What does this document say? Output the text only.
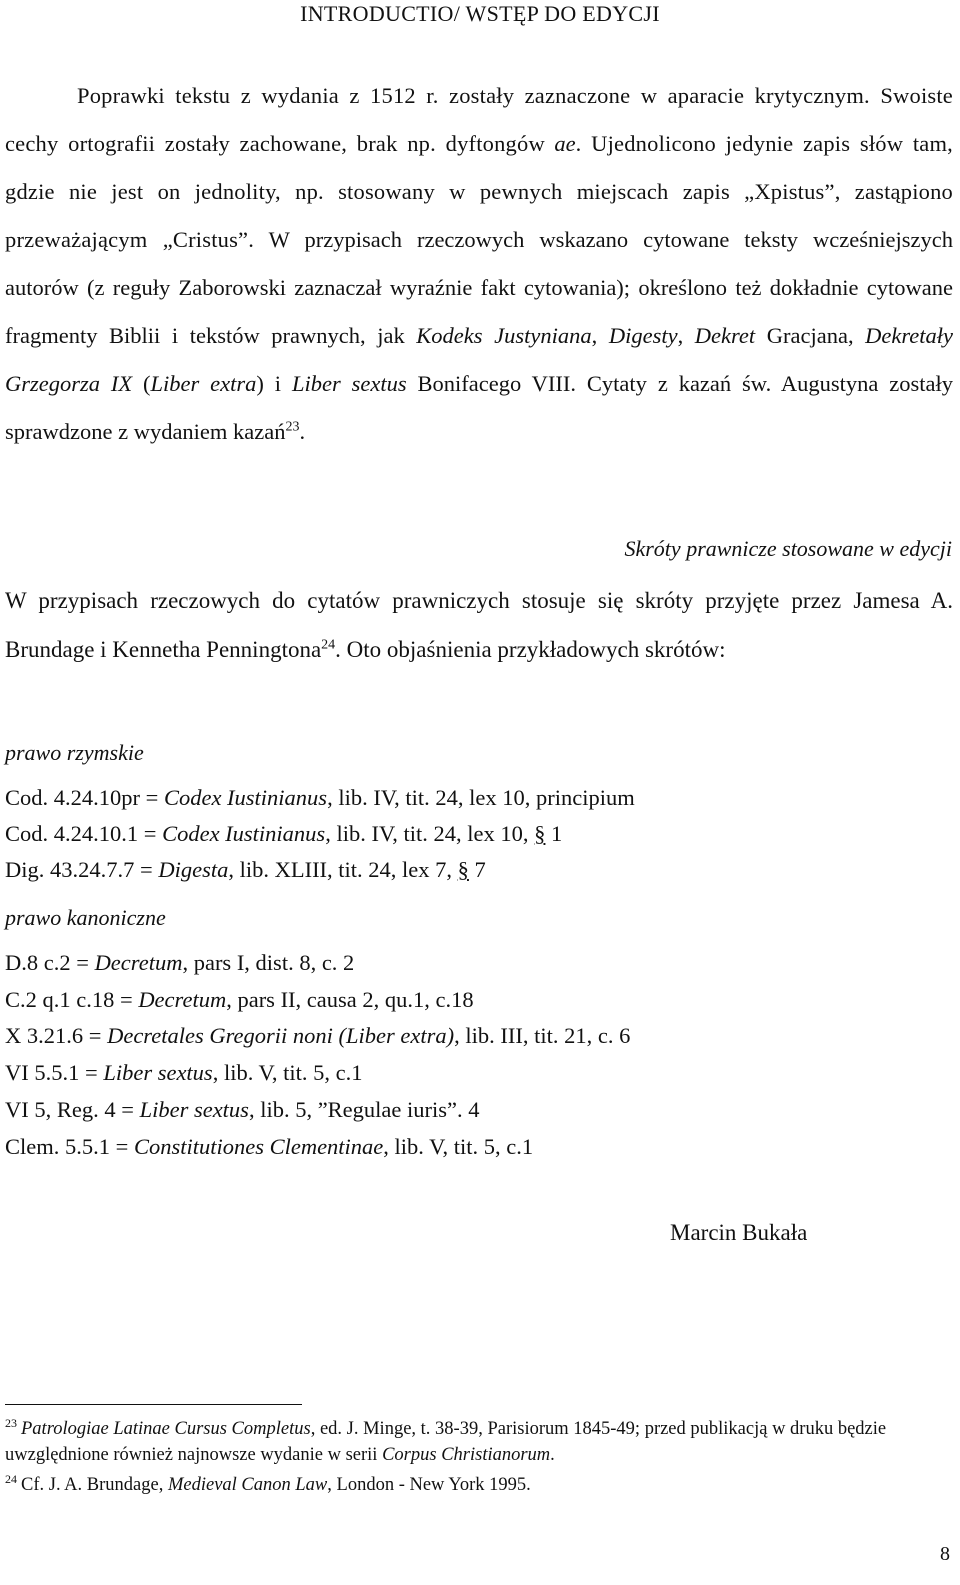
INTRODUCTIO/ WSTĘP DO EDYCJI

Poprawki tekstu z wydania z 1512 r. zostały zaznaczone w aparacie krytycznym. Swoiste cechy ortografii zostały zachowane, brak np. dyftongów ae. Ujednolicono jedynie zapis słów tam, gdzie nie jest on jednolity, np. stosowany w pewnych miejscach zapis „Xpistus”, zastąpiono przeważającym „Cristus”. W przypisach rzeczowych wskazano cytowane teksty wcześniejszych autorów (z reguły Zaborowski zaznaczał wyraźnie fakt cytowania); określono też dokładnie cytowane fragmenty Biblii i tekstów prawnych, jak Kodeks Justyniana, Digesty, Dekret Gracjana, Dekretały Grzegorza IX (Liber extra) i Liber sextus Bonifacego VIII. Cytaty z kazań św. Augustyna zostały sprawdzone z wydaniem kazań$^{23}$.

Skróty prawnicze stosowane w edycji

W przypisach rzeczowych do cytatów prawniczych stosuje się skróty przyjęte przez Jamesa A. Brundage i Kennetha Penningtona$^{24}$. Oto objaśnienia przykładowych skrótów:

prawo rzymskie
Cod. 4.24.10pr = Codex Iustinianus, lib. IV, tit. 24, lex 10, principium
Cod. 4.24.10.1 = Codex Iustinianus, lib. IV, tit. 24, lex 10, § 1
Dig. 43.24.7.7 = Digesta, lib. XLIII, tit. 24, lex 7, § 7
prawo kanoniczne
D.8 c.2 = Decretum, pars I, dist. 8, c. 2
C.2 q.1 c.18 = Decretum, pars II, causa 2, qu.1, c.18
X 3.21.6 = Decretales Gregorii noni (Liber extra), lib. III, tit. 21, c. 6
VI 5.5.1 = Liber sextus, lib. V, tit. 5, c.1
VI 5, Reg. 4 = Liber sextus, lib. 5, ”Regulae iuris”. 4
Clem. 5.5.1 = Constitutiones Clementinae, lib. V, tit. 5, c.1
Marcin Bukała

$^{23}$ Patrologiae Latinae Cursus Completus, ed. J. Minge, t. 38-39, Parisiorum 1845-49; przed publikacją w druku będzie uwzględnione również najnowsze wydanie w serii Corpus Christianorum.

$^{24}$ Cf. J. A. Brundage, Medieval Canon Law, London - New York 1995.

8
